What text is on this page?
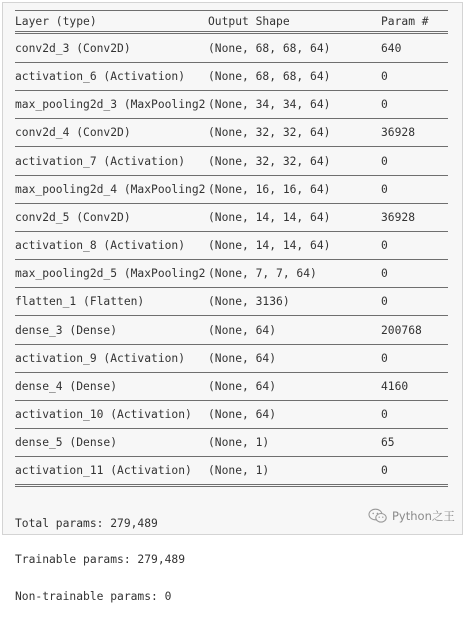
Layer (type)	Output Shape	Param #
conv2d_3 (Conv2D)	(None, 68, 68, 64)	640
activation_6 (Activation)	(None, 68, 68, 64)	0
max_pooling2d_3 (MaxPooling2 (None, 34, 34, 64)	0
conv2d_4 (Conv2D)	(None, 32, 32, 64)	36928
activation_7 (Activation)	(None, 32, 32, 64)	0
max_pooling2d_4 (MaxPooling2 (None, 16, 16, 64)	0
conv2d_5 (Conv2D)	(None, 14, 14, 64)	36928
activation_8 (Activation)	(None, 14, 14, 64)	0
max_pooling2d_5 (MaxPooling2 (None, 7, 7, 64)	0
flatten_1 (Flatten)	(None, 3136)	0
dense_3 (Dense)	(None, 64)	200768
activation_9 (Activation)	(None, 64)	0
dense_4 (Dense)	(None, 64)	4160
activation_10 (Activation)	(None, 64)	0
dense_5 (Dense)	(None, 1)	65
activation_11 (Activation)	(None, 1)	0

Total params: 279,489

Trainable params: 279,489

Non-trainable params: 0

Python之王
